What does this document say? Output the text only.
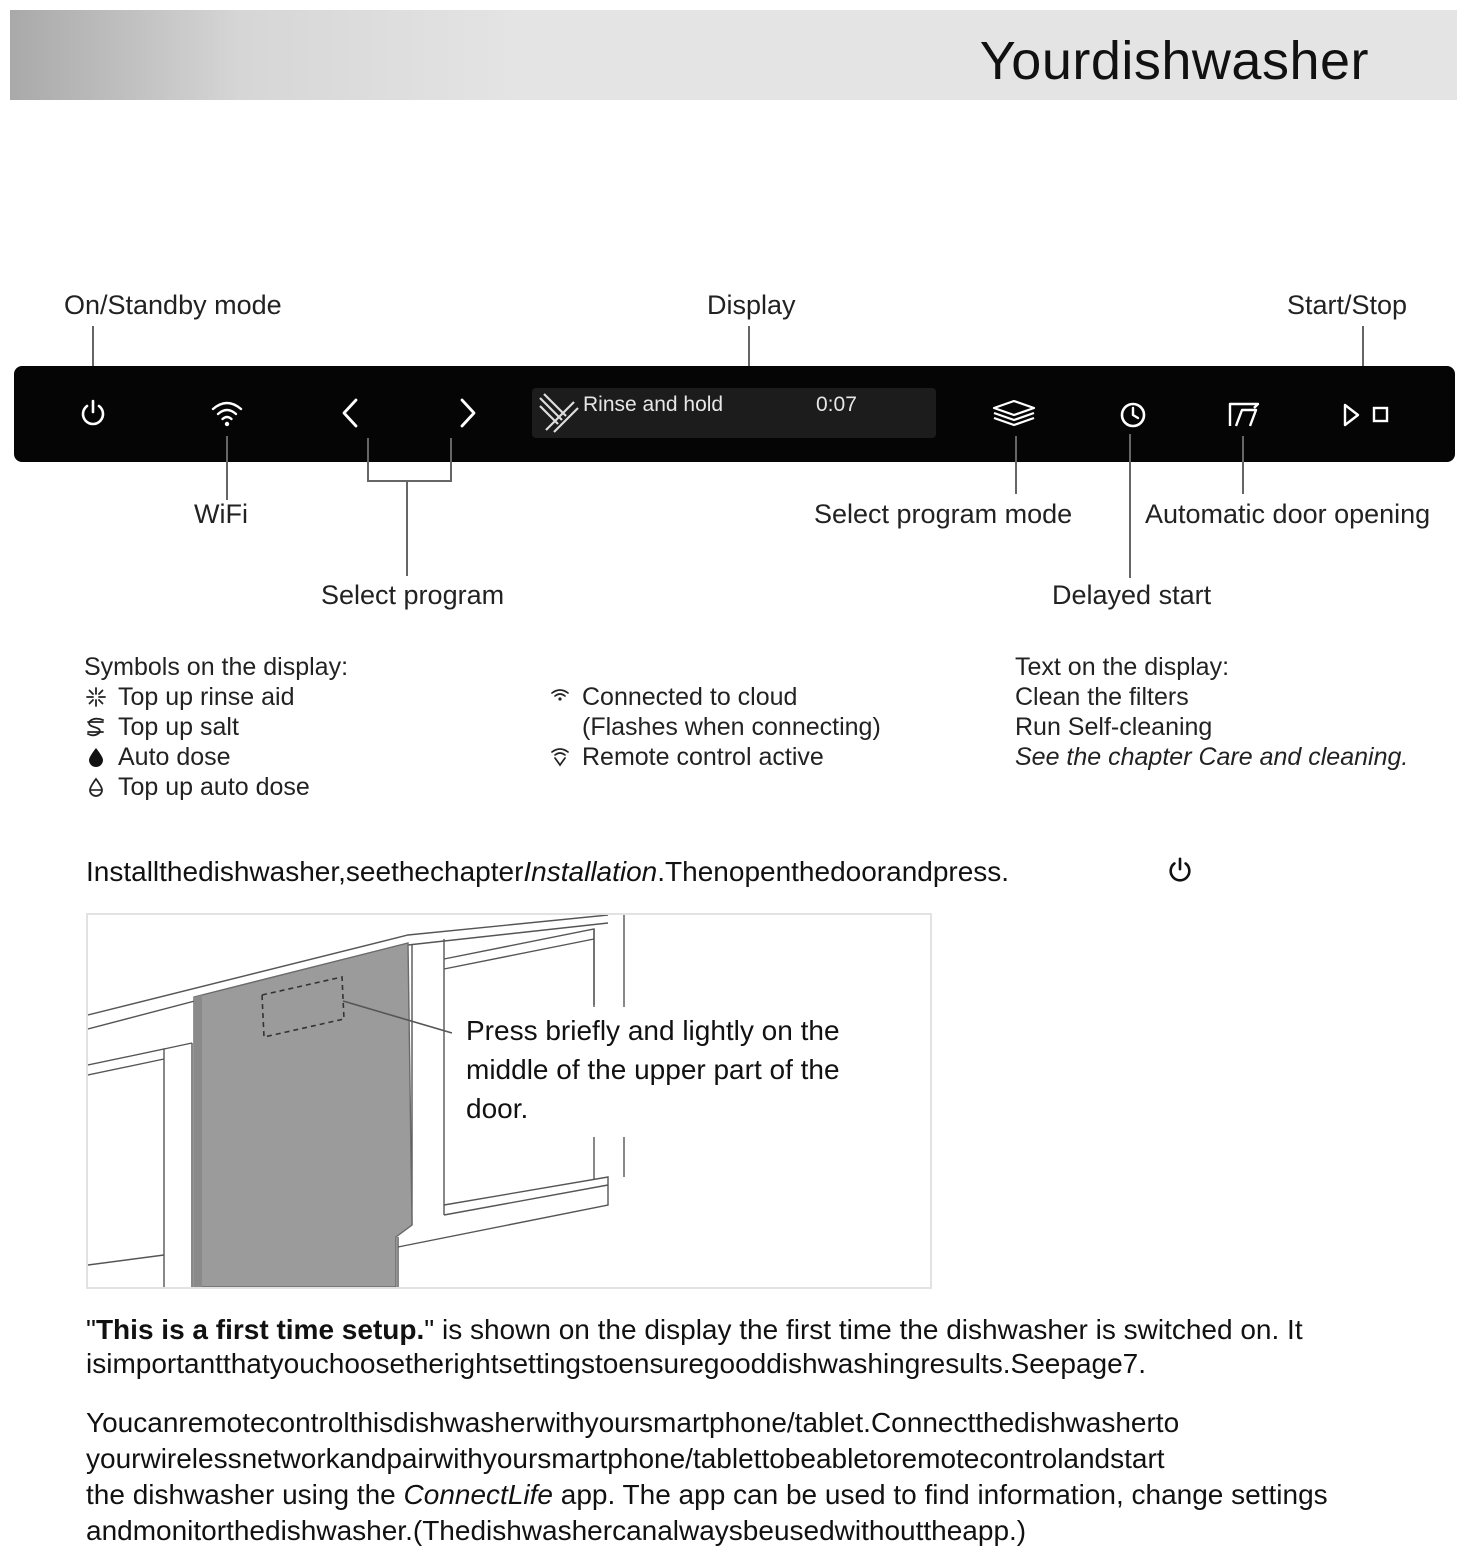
Yourdishwasher
On/Standby mode	Display	Start/Stop
Rinse and hold	0:07
WiFi	Select program mode	Automatic door opening
Select program	Delayed start
Symbols on the display:
Top up rinse aid
Top up salt
Auto dose
Top up auto dose
Connected to cloud
(Flashes when connecting)
Remote control active
Text on the display:
Clean the filters
Run Self-cleaning
See the chapter Care and cleaning.
Installthedishwasher,seethechapterInstallation.Thenopenthedoorandpress.
Press briefly and lightly on the middle of the upper part of the door.
"This is a first time setup." is shown on the display the first time the dishwasher is switched on. It
isimportantthatyouchoosetherightsettingstoensuregooddishwashingresults.Seepage7.
Youcanremotecontrolthisdishwasherwithyoursmartphone/tablet.Connectthedishwasherto
yourwirelessnetworkandpairwithyoursmartphone/tablettobeabletoremotecontrolandstart
the dishwasher using the ConnectLife app. The app can be used to find information, change settings
andmonitorthedishwasher.(Thedishwashercanalwaysbeusedwithouttheapp.)
